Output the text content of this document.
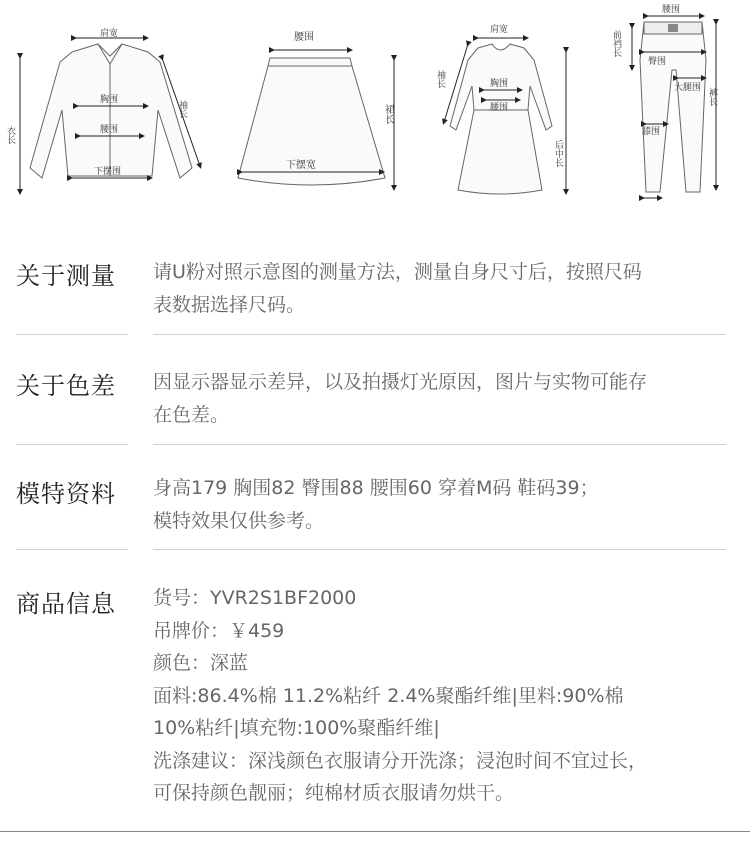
肩宽
衣长
胸围
腰围
下摆围
袖长
腰围
裙长
下摆宽
肩宽
袖长	胸围
腰围
后中长
腰围
前裆长
臀围
大腿围 裤长
膝围
关于测量 请U粉对照示意图的测量方法，测量自身尺寸后，按照尺码
表数据选择尺码。
关于色差 因显示器显示差异，以及拍摄灯光原因，图片与实物可能存
在色差。
模特资料 身高179 胸围82 臀围88 腰围60 穿着M码 鞋码39；
模特效果仅供参考。
商品信息 货号：YVR2S1BF2000
吊牌价：￥459
颜色：深蓝
面料:86.4%棉 11.2%粘纤 2.4%聚酯纤维|里料:90%棉
10%粘纤|填充物:100%聚酯纤维|
洗涤建议：深浅颜色衣服请分开洗涤；浸泡时间不宜过长，
可保持颜色靓丽；纯棉材质衣服请勿烘干。
